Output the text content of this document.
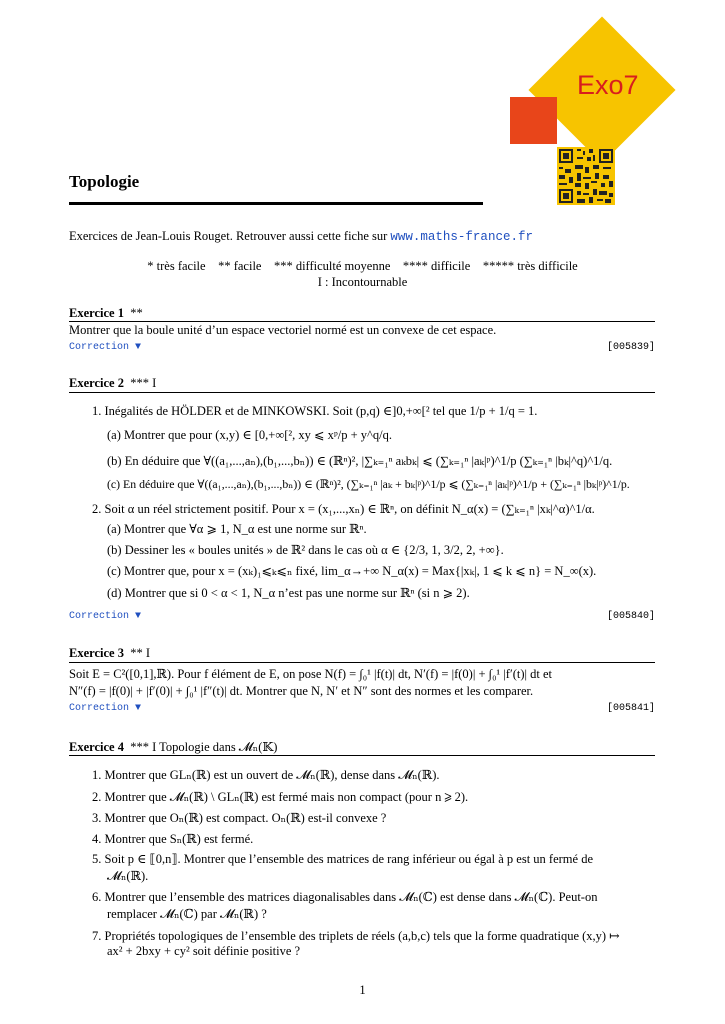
Exo7
Topologie
Exercices de Jean-Louis Rouget. Retrouver aussi cette fiche sur www.maths-france.fr
* très facile    ** facile    *** difficulté moyenne    **** difficile    ***** très difficile
I : Incontournable
Exercice 1 **
Montrer que la boule unité d’un espace vectoriel normé est un convexe de cet espace.
Correction ▼	[005839]
Exercice 2 *** I
1. Inégalités de HÖLDER et de MINKOWSKI. Soit (p,q) ∈]0,+∞[² tel que 1/p + 1/q = 1.
(a) Montrer que pour (x,y) ∈ [0,+∞[², xy ⩽ xᵖ/p + y^q/q.
(b) En déduire que ∀((a₁,...,aₙ),(b₁,...,bₙ)) ∈ (ℝⁿ)², |∑ₖ₌₁ⁿ aₖbₖ| ⩽ (∑ₖ₌₁ⁿ |aₖ|ᵖ)^1/p (∑ₖ₌₁ⁿ |bₖ|^q)^1/q.
(c) En déduire que ∀((a₁,...,aₙ),(b₁,...,bₙ)) ∈ (ℝⁿ)², (∑ₖ₌₁ⁿ |aₖ + bₖ|ᵖ)^1/p ⩽ (∑ₖ₌₁ⁿ |aₖ|ᵖ)^1/p + (∑ₖ₌₁ⁿ |bₖ|ᵖ)^1/p.
2. Soit α un réel strictement positif. Pour x = (x₁,...,xₙ) ∈ ℝⁿ, on définit N_α(x) = (∑ₖ₌₁ⁿ |xₖ|^α)^1/α.
(a) Montrer que ∀α ⩾ 1, N_α est une norme sur ℝⁿ.
(b) Dessiner les « boules unités » de ℝ² dans le cas où α ∈ {2/3, 1, 3/2, 2, +∞}.
(c) Montrer que, pour x = (xₖ)₁⩽ₖ⩽ₙ fixé, lim_α→+∞ N_α(x) = Max{|xₖ|, 1 ⩽ k ⩽ n} = N_∞(x).
(d) Montrer que si 0 < α < 1, N_α n’est pas une norme sur ℝⁿ (si n ⩾ 2).
Correction ▼	[005840]
Exercice 3 ** I
Soit E = C²([0,1],ℝ). Pour f élément de E, on pose N(f) = ∫₀¹ |f(t)| dt, N′(f) = |f(0)| + ∫₀¹ |f′(t)| dt et
N″(f) = |f(0)| + |f′(0)| + ∫₀¹ |f″(t)| dt. Montrer que N, N′ et N″ sont des normes et les comparer.
Correction ▼	[005841]
Exercice 4 *** I Topologie dans 𝓜ₙ(𝕂)
1. Montrer que GLₙ(ℝ) est un ouvert de 𝓜ₙ(ℝ), dense dans 𝓜ₙ(ℝ).
2. Montrer que 𝓜ₙ(ℝ) \ GLₙ(ℝ) est fermé mais non compact (pour n ⩾ 2).
3. Montrer que Oₙ(ℝ) est compact. Oₙ(ℝ) est-il convexe ?
4. Montrer que Sₙ(ℝ) est fermé.
5. Soit p ∈ ⟦0,n⟧. Montrer que l’ensemble des matrices de rang inférieur ou égal à p est un fermé de
𝓜ₙ(ℝ).
6. Montrer que l’ensemble des matrices diagonalisables dans 𝓜ₙ(ℂ) est dense dans 𝓜ₙ(ℂ). Peut-on
remplacer 𝓜ₙ(ℂ) par 𝓜ₙ(ℝ) ?
7. Propriétés topologiques de l’ensemble des triplets de réels (a,b,c) tels que la forme quadratique (x,y) ↦
ax² + 2bxy + cy² soit définie positive ?
1
